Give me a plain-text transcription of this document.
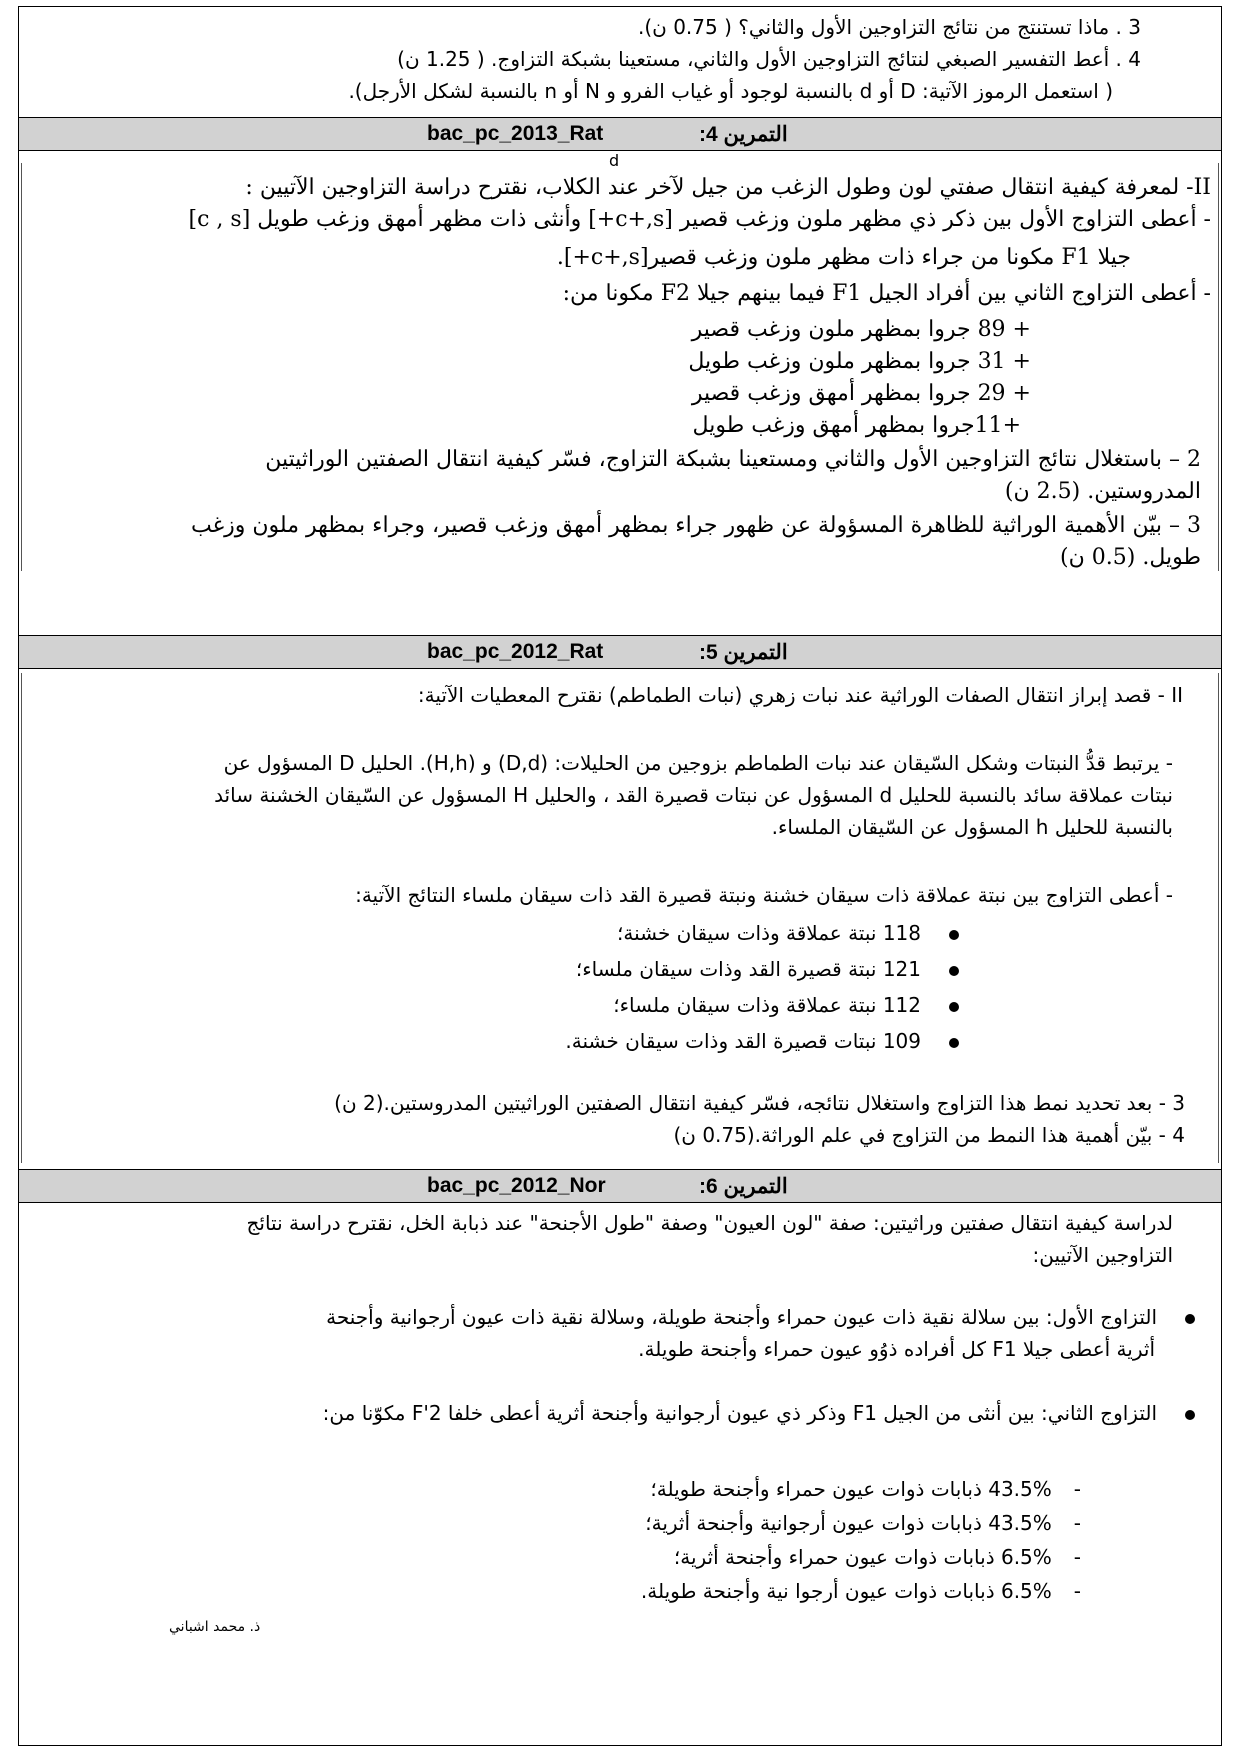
3 . ماذا تستنتج من نتائج التزاوجين الأول والثاني؟ ( 0.75 ن).
4 . أعط التفسير الصبغي لنتائج التزاوجين الأول والثاني، مستعينا بشبكة التزاوج. ( 1.25 ن)
( استعمل الرموز الآتية: D أو d بالنسبة لوجود أو غياب الفرو و N أو n بالنسبة لشكل الأرجل).
bac_pc_2013_Rat	التمرين 4:
d
II- لمعرفة كيفية انتقال صفتي لون وطول الزغب من جيل لآخر عند الكلاب، نقترح دراسة التزاوجين الآتيين :
- أعطى التزاوج الأول بين ذكر ذي مظهر ملون وزغب قصير [c+,s+] وأنثى ذات مظهر أمهق وزغب طويل [c , s]
جيلا F1 مكونا من جراء ذات مظهر ملون وزغب قصير[c+,s+].
- أعطى التزاوج الثاني بين أفراد الجيل F1 فيما بينهم جيلا F2 مكونا من:
+ 89 جروا بمظهر ملون وزغب قصير
+ 31 جروا بمظهر ملون وزغب طويل
+ 29 جروا بمظهر أمهق وزغب قصير
+11جروا بمظهر أمهق وزغب طويل
2 – باستغلال نتائج التزاوجين الأول والثاني ومستعينا بشبكة التزاوج، فسّر كيفية انتقال الصفتين الوراثيتين
المدروستين. (2.5 ن)
3 – بيّن الأهمية الوراثية للظاهرة المسؤولة عن ظهور جراء بمظهر أمهق وزغب قصير، وجراء بمظهر ملون وزغب
طويل. (0.5 ن)
bac_pc_2012_Rat	التمرين 5:
II - قصد إبراز انتقال الصفات الوراثية عند نبات زهري (نبات الطماطم) نقترح المعطيات الآتية:
- يرتبط قدُّ النبتات وشكل السّيقان عند نبات الطماطم بزوجين من الحليلات: (D,d) و (H,h). الحليل D المسؤول عن
نبتات عملاقة سائد بالنسبة للحليل d المسؤول عن نبتات قصيرة القد ، والحليل H المسؤول عن السّيقان الخشنة سائد
بالنسبة للحليل h المسؤول عن السّيقان الملساء.
- أعطى التزاوج بين نبتة عملاقة ذات سيقان خشنة ونبتة قصيرة القد ذات سيقان ملساء النتائج الآتية:
118 نبتة عملاقة وذات سيقان خشنة؛
121 نبتة قصيرة القد وذات سيقان ملساء؛
112 نبتة عملاقة وذات سيقان ملساء؛
109 نبتات قصيرة القد وذات سيقان خشنة.
3 - بعد تحديد نمط هذا التزاوج واستغلال نتائجه، فسّر كيفية انتقال الصفتين الوراثيتين المدروستين.(2 ن)
4 - بيّن أهمية هذا النمط من التزاوج في علم الوراثة.(0.75 ن)
bac_pc_2012_Nor	التمرين 6:
لدراسة كيفية انتقال صفتين وراثيتين: صفة "لون العيون" وصفة "طول الأجنحة" عند ذبابة الخل، نقترح دراسة نتائج
التزاوجين الآتيين:
التزاوج الأول: بين سلالة نقية ذات عيون حمراء وأجنحة طويلة، وسلالة نقية ذات عيون أرجوانية وأجنحة
أثرية أعطى جيلا F1 كل أفراده ذوُو عيون حمراء وأجنحة طويلة.
التزاوج الثاني: بين أنثى من الجيل F1 وذكر ذي عيون أرجوانية وأجنحة أثرية أعطى خلفا F'2 مكوّنا من:
-43.5% ذبابات ذوات عيون حمراء وأجنحة طويلة؛
-43.5% ذبابات ذوات عيون أرجوانية وأجنحة أثرية؛
-6.5% ذبابات ذوات عيون حمراء وأجنحة أثرية؛
-6.5% ذبابات ذوات عيون أرجوا نية وأجنحة طويلة.
ذ. محمد اشباني
